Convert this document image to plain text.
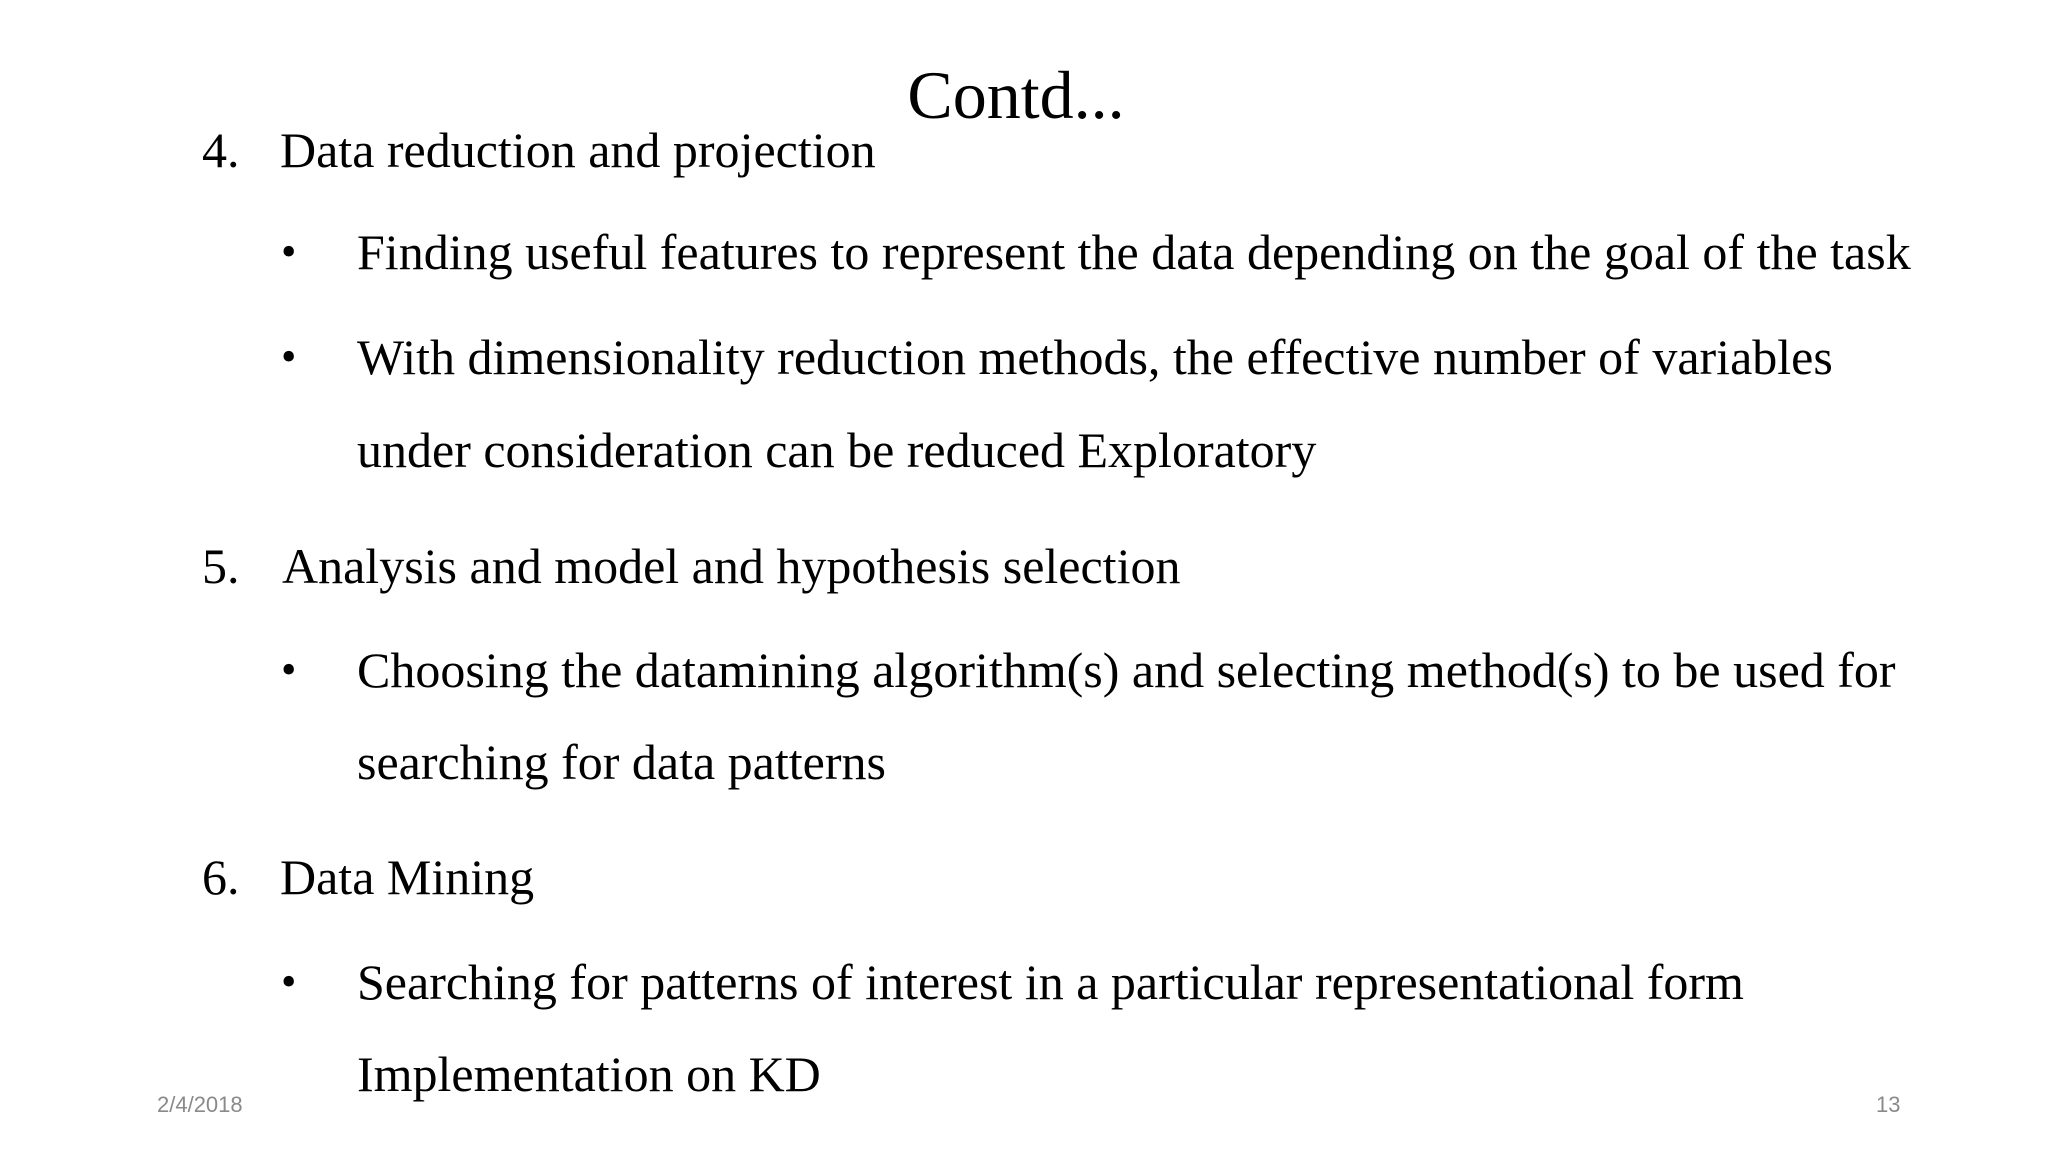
Contd...
4. Data reduction and projection
• Finding useful features to represent the data depending on the goal of the task
• With dimensionality reduction methods, the effective number of variables
under consideration can be reduced Exploratory
5. Analysis and model and hypothesis selection
• Choosing the datamining algorithm(s) and selecting method(s) to be used for
searching for data patterns
6. Data Mining
• Searching for patterns of interest in a particular representational form
Implementation on KD
2/4/2018	13
